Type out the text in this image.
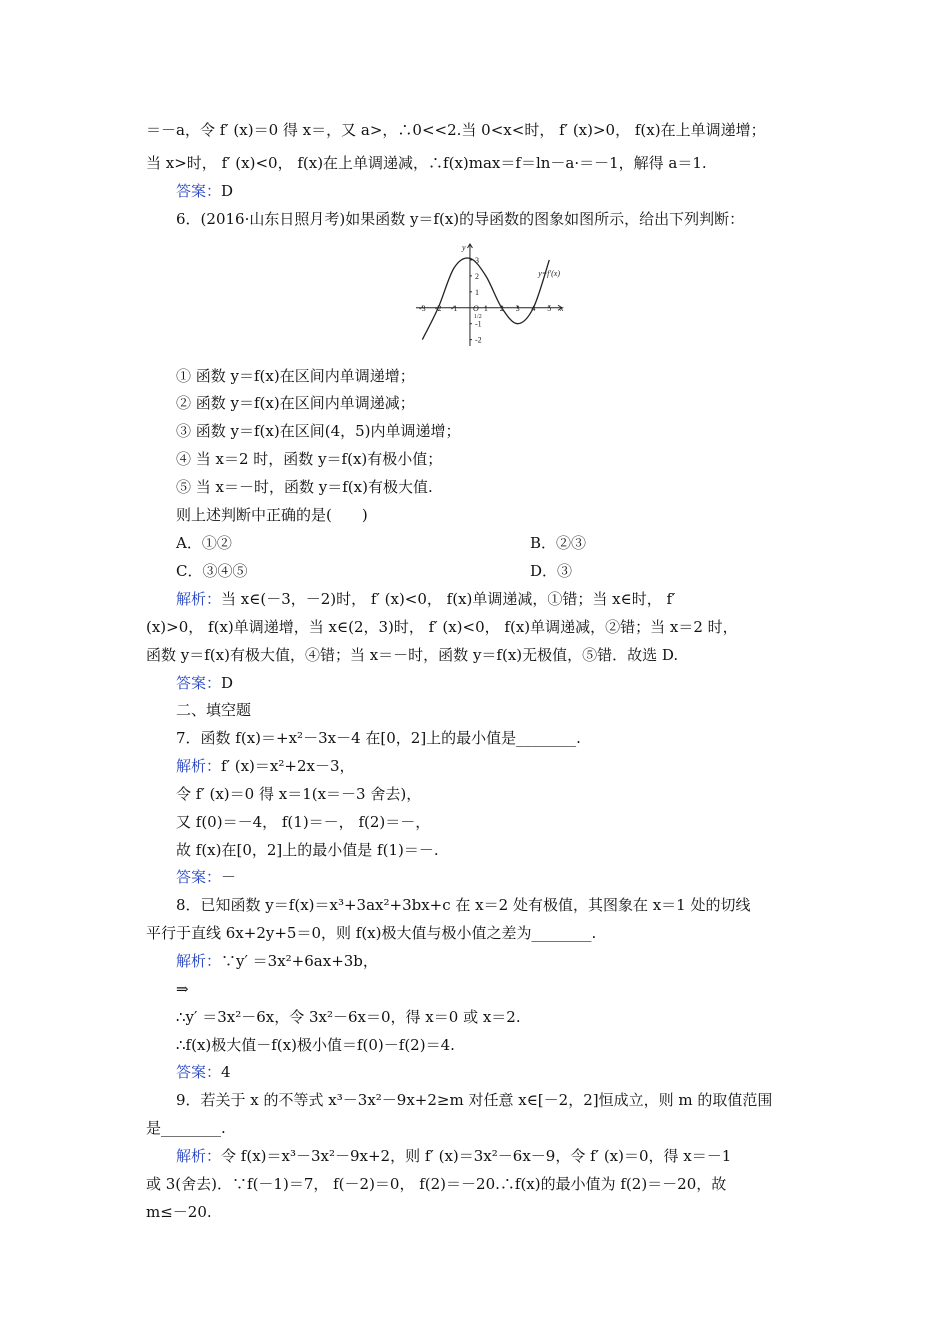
＝－a，令 f′ (x)＝0 得 x＝，又 a>，∴0<<2.当 0<x<时， f′ (x)>0， f(x)在上单调递增；
当 x>时， f′ (x)<0， f(x)在上单调递减，∴f(x)max＝f＝ln－a·＝－1，解得 a＝1.
答案：D
6．(2016·山东日照月考)如果函数 y＝f(x)的导函数的图象如图所示，给出下列判断：
-3 -2 -1	1 2 3 4 5
1/2
3
2
1
-1
-2
x
y
O
y=f′(x)
① 函数 y＝f(x)在区间内单调递增；
② 函数 y＝f(x)在区间内单调递减；
③ 函数 y＝f(x)在区间(4，5)内单调递增；
④ 当 x＝2 时，函数 y＝f(x)有极小值；
⑤ 当 x＝－时，函数 y＝f(x)有极大值.
则上述判断中正确的是(　　)
A．①②	B．②③
C．③④⑤	D．③
解析：当 x∈(－3，－2)时， f′ (x)<0， f(x)单调递减，①错；当 x∈时， f′
(x)>0， f(x)单调递增，当 x∈(2，3)时， f′ (x)<0， f(x)单调递减，②错；当 x＝2 时，
函数 y＝f(x)有极大值，④错；当 x＝－时，函数 y＝f(x)无极值，⑤错．故选 D.
答案：D
二、填空题
7．函数 f(x)＝+x²－3x－4 在[0，2]上的最小值是________.
解析：f′ (x)＝x²+2x－3，
令 f′ (x)＝0 得 x＝1(x＝－3 舍去)，
又 f(0)＝－4， f(1)＝－， f(2)＝－，
故 f(x)在[0，2]上的最小值是 f(1)＝－.
答案：－
8．已知函数 y＝f(x)＝x³+3ax²+3bx+c 在 x＝2 处有极值，其图象在 x＝1 处的切线
平行于直线 6x+2y+5＝0，则 f(x)极大值与极小值之差为________.
解析：∵y′ ＝3x²+6ax+3b，
⇒
∴y′ ＝3x²－6x，令 3x²－6x＝0，得 x＝0 或 x＝2.
∴f(x)极大值－f(x)极小值＝f(0)－f(2)＝4.
答案：4
9．若关于 x 的不等式 x³－3x²－9x+2≥m 对任意 x∈[－2，2]恒成立，则 m 的取值范围
是________.
解析：令 f(x)＝x³－3x²－9x+2，则 f′ (x)＝3x²－6x－9，令 f′ (x)＝0，得 x＝－1
或 3(舍去)．∵f(－1)＝7， f(－2)＝0， f(2)＝－20.∴f(x)的最小值为 f(2)＝－20，故
m≤－20.
